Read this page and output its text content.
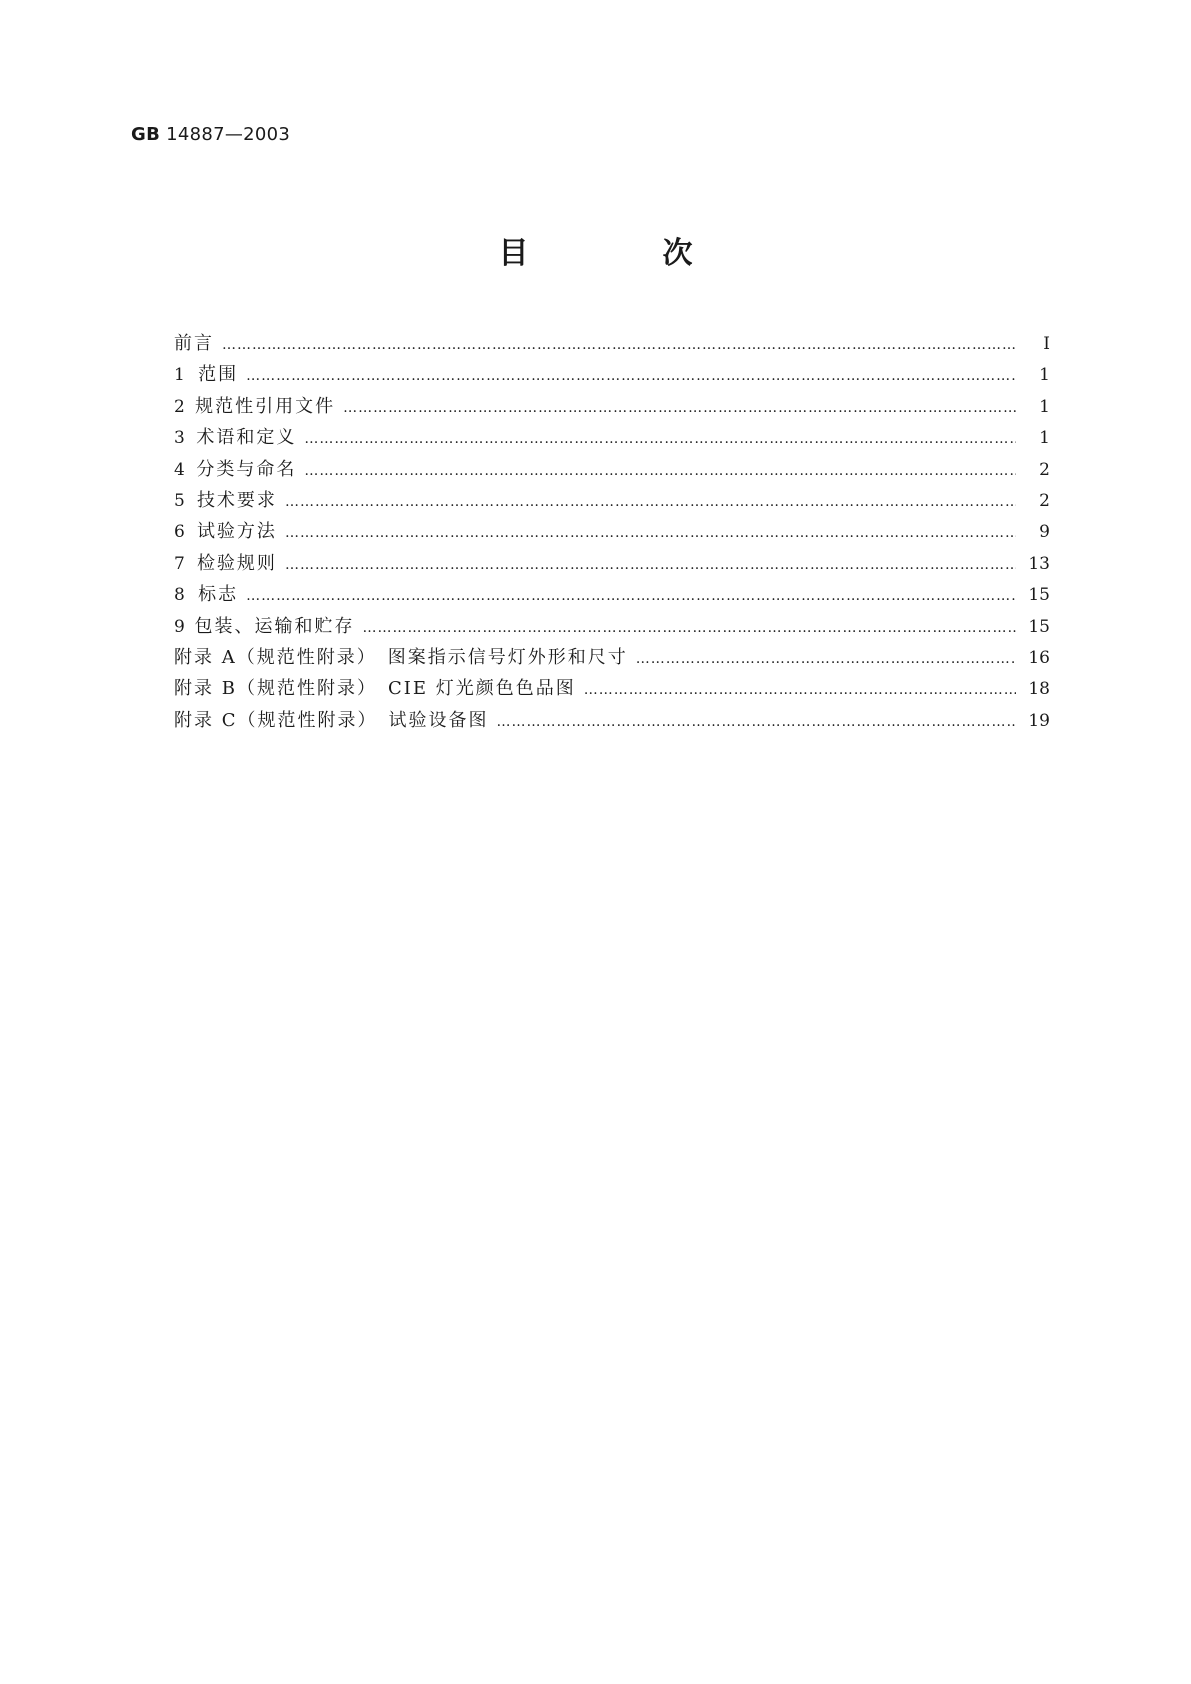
GB 14887—2003
目　次
前言 ……………………………………………………………………………………………………………………………………………………………………………………	I
1 范围 ……………………………………………………………………………………………………………………………………………………………………………………	1
2 规范性引用文件 ……………………………………………………………………………………………………………………………………………………………………………………	1
3 术语和定义 ……………………………………………………………………………………………………………………………………………………………………………………	1
4 分类与命名 ……………………………………………………………………………………………………………………………………………………………………………………	2
5 技术要求 ……………………………………………………………………………………………………………………………………………………………………………………	2
6 试验方法 ……………………………………………………………………………………………………………………………………………………………………………………	9
7 检验规则 ……………………………………………………………………………………………………………………………………………………………………………………	13
8 标志 ……………………………………………………………………………………………………………………………………………………………………………………	15
9 包装、运输和贮存 ……………………………………………………………………………………………………………………………………………………………………………………	15
附录 A（规范性附录）　图案指示信号灯外形和尺寸 ……………………………………………………………………………………………………………………………………………………………………………………	16
附录 B（规范性附录）　CIE 灯光颜色色品图 ……………………………………………………………………………………………………………………………………………………………………………………	18
附录 C（规范性附录）　试验设备图 ……………………………………………………………………………………………………………………………………………………………………………………	19
